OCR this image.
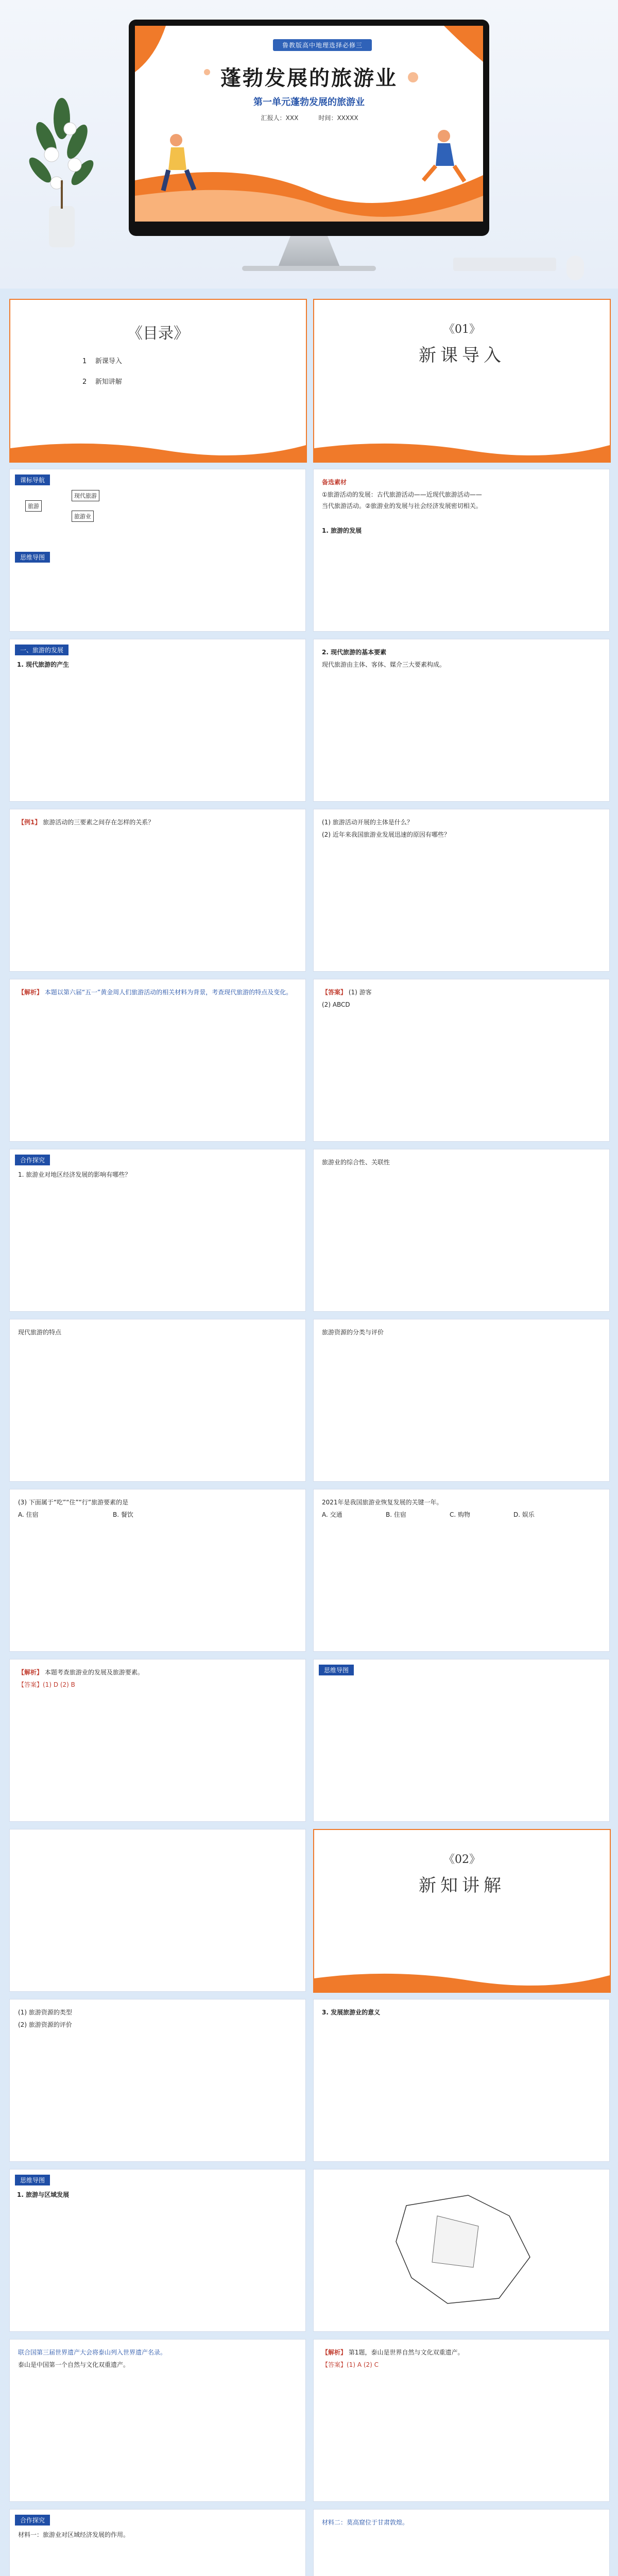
鲁教版高中地理选择必修三
蓬勃发展的旅游业
第一单元蓬勃发展的旅游业
汇报人：XXX	时间：XXXXX
《目录》
1 新课导入
2 新知讲解
《01》
新课导入
课标导航
旅游
现代旅游
旅游业
思维导图
备选素材
①旅游活动的发展：古代旅游活动——近现代旅游活动——
当代旅游活动。②旅游业的发展与社会经济发展密切相关。
1. 旅游的发展
一、旅游的发展
1. 现代旅游的产生
2. 现代旅游的基本要素
现代旅游由主体、客体、媒介三大要素构成。
【例1】 旅游活动的三要素之间存在怎样的关系？	(1) 旅游活动开展的主体是什么？
(2) 近年来我国旅游业发展迅速的原因有哪些？
【解析】 本题以第六届“五一”黄金周人们旅游活动的相关材料为背景，考查现代旅游的特点及变化。	【答案】 (1) 游客
(2) ABCD
合作探究
1. 旅游业对地区经济发展的影响有哪些？
旅游业的综合性、关联性
现代旅游的特点	旅游资源的分类与评价
(3) 下面属于“吃”“住”“行”旅游要素的是
A. 住宿	B. 餐饮
2021年是我国旅游业恢复发展的关键一年。
A. 交通	B. 住宿	C. 购物	D. 娱乐
【解析】 本题考查旅游业的发展及旅游要素。
【答案】(1) D (2) B
思维导图
《02》
新知讲解
(1) 旅游资源的类型
(2) 旅游资源的评价
3. 发展旅游业的意义
思维导图
1. 旅游与区域发展
联合国第三届世界遗产大会将泰山列入世界遗产名录。
泰山是中国第一个自然与文化双重遗产。
【解析】 第1题，泰山是世界自然与文化双重遗产。
【答案】(1) A (2) C
合作探究
材料一：旅游业对区域经济发展的作用。
材料二：莫高窟位于甘肃敦煌。
